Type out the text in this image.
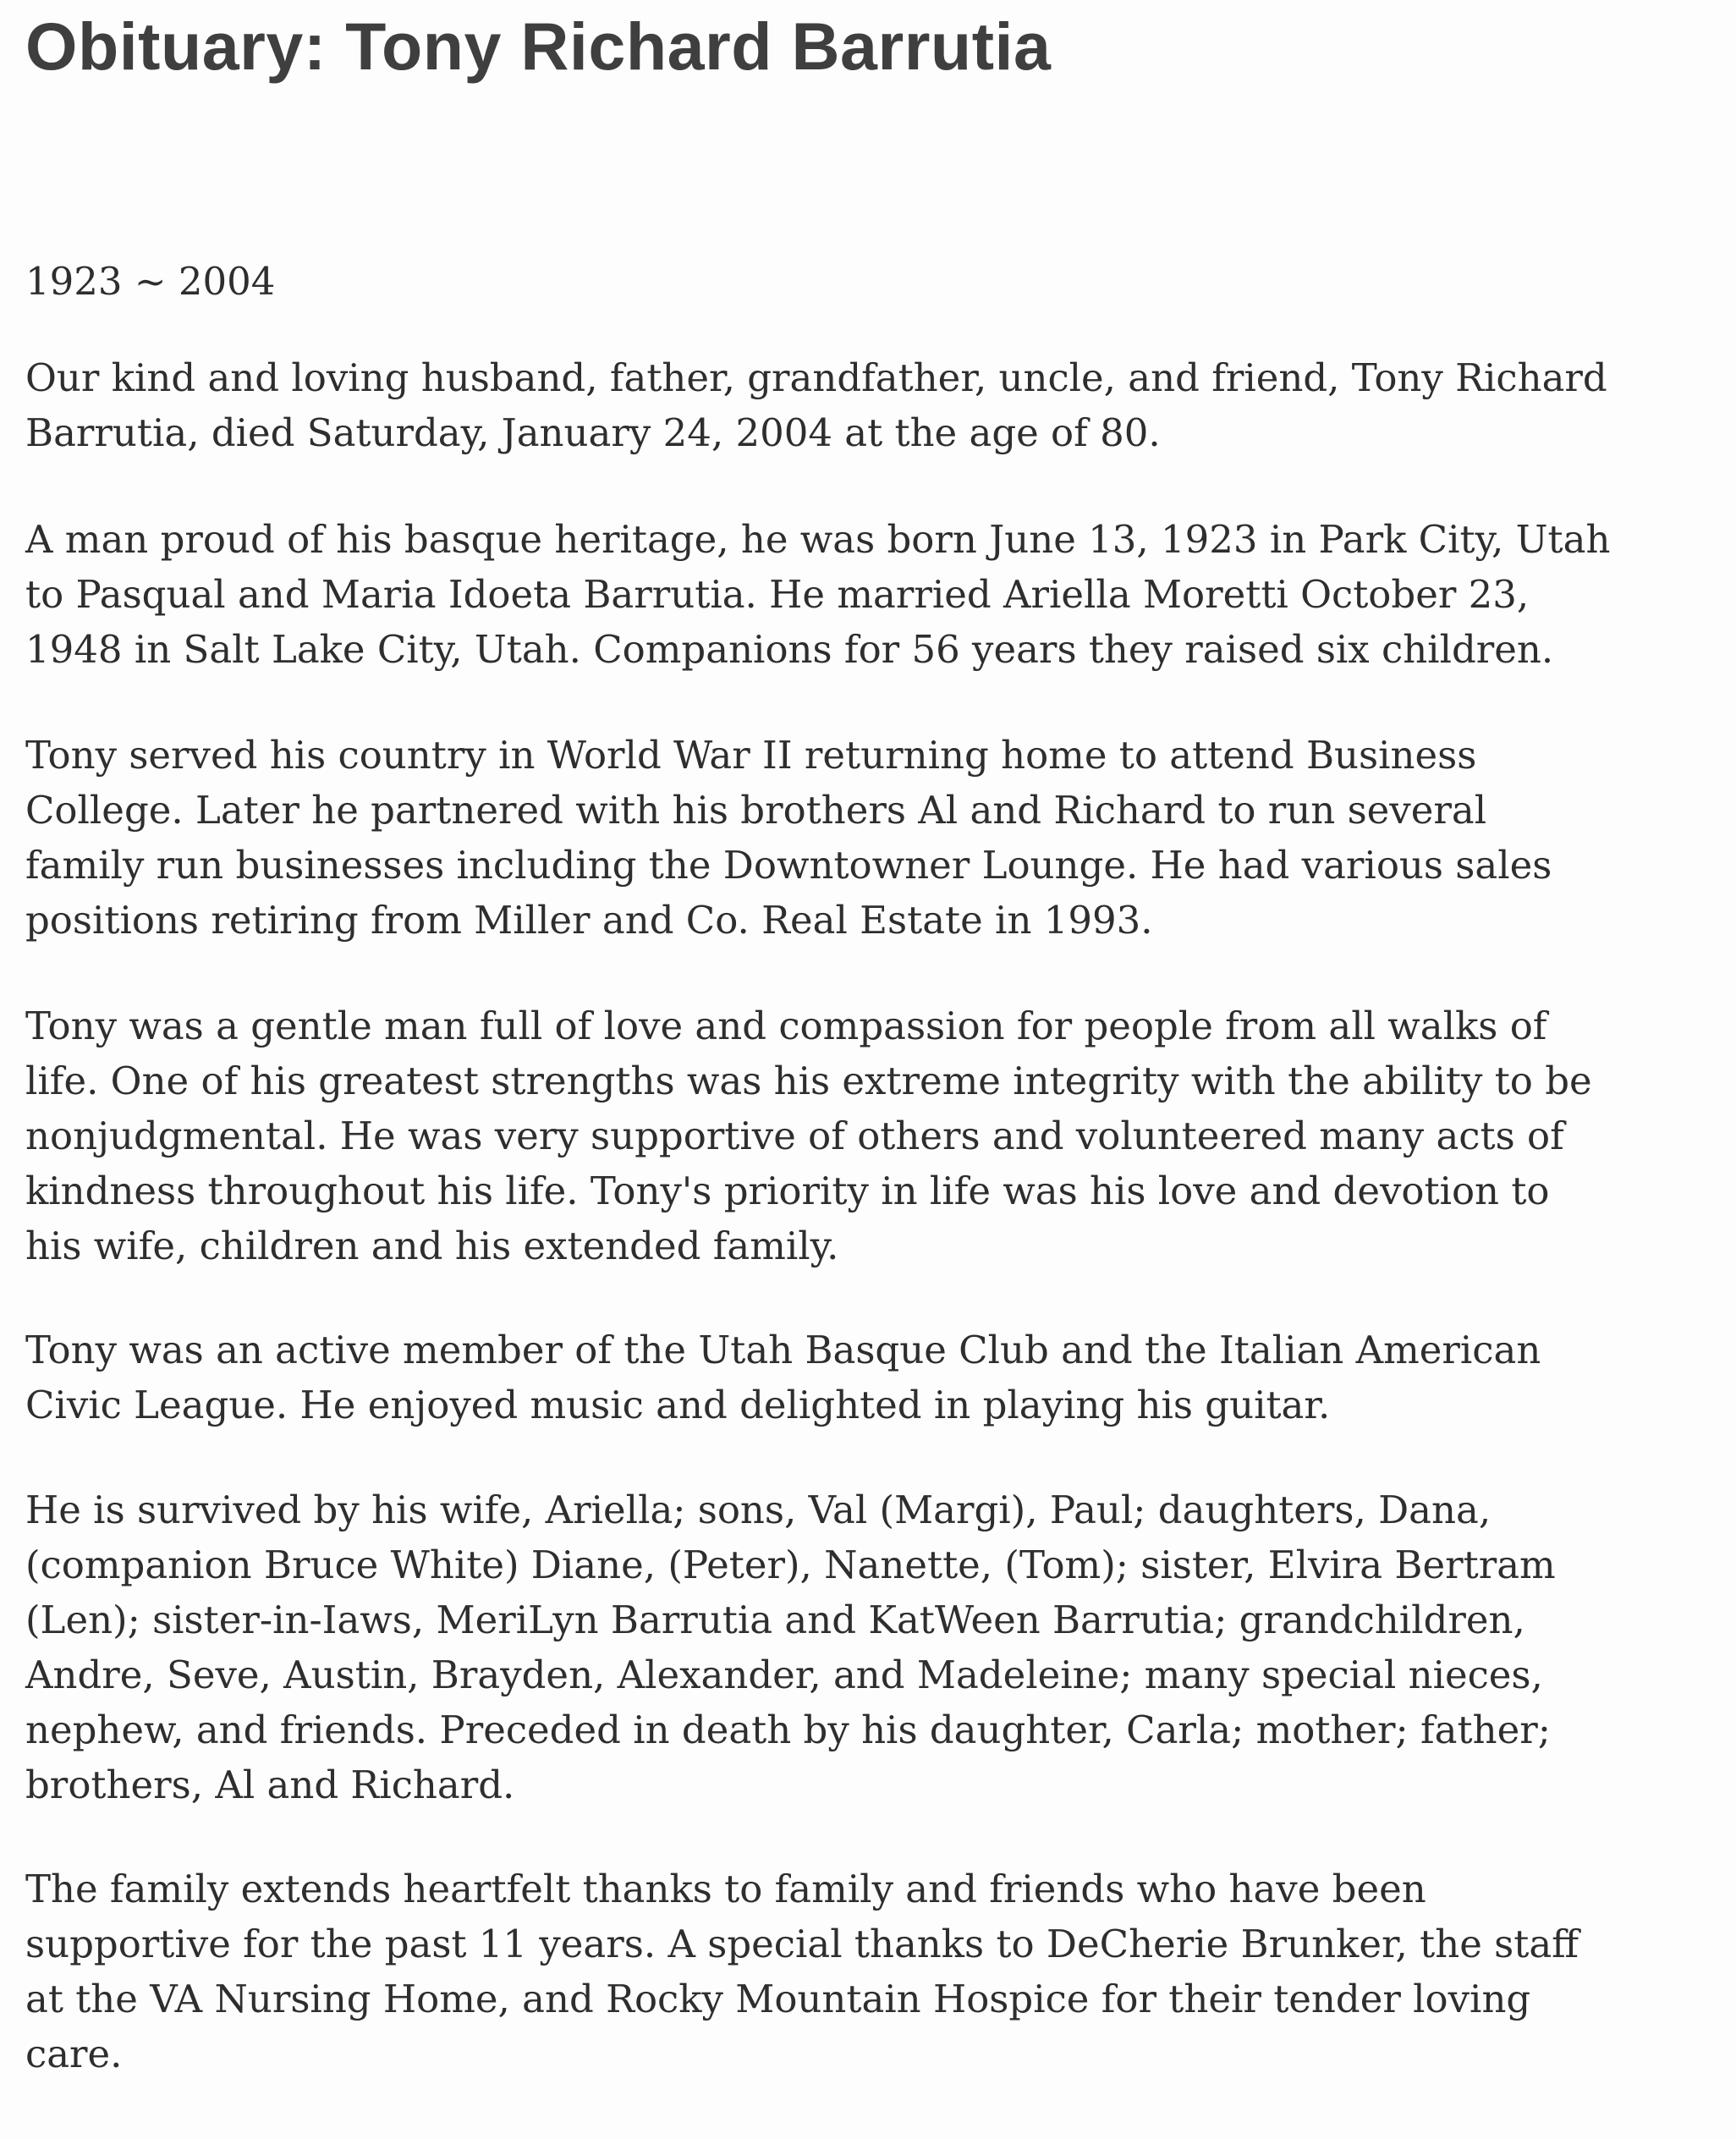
Obituary: Tony Richard Barrutia
1923 ~ 2004
Our kind and loving husband, father, grandfather, uncle, and friend, Tony Richard
Barrutia, died Saturday, January 24, 2004 at the age of 80.
A man proud of his basque heritage, he was born June 13, 1923 in Park City, Utah
to Pasqual and Maria Idoeta Barrutia. He married Ariella Moretti October 23,
1948 in Salt Lake City, Utah. Companions for 56 years they raised six children.
Tony served his country in World War II returning home to attend Business
College. Later he partnered with his brothers Al and Richard to run several
family run businesses including the Downtowner Lounge. He had various sales
positions retiring from Miller and Co. Real Estate in 1993.
Tony was a gentle man full of love and compassion for people from all walks of
life. One of his greatest strengths was his extreme integrity with the ability to be
nonjudgmental. He was very supportive of others and volunteered many acts of
kindness throughout his life. Tony's priority in life was his love and devotion to
his wife, children and his extended family.
Tony was an active member of the Utah Basque Club and the Italian American
Civic League. He enjoyed music and delighted in playing his guitar.
He is survived by his wife, Ariella; sons, Val (Margi), Paul; daughters, Dana,
(companion Bruce White) Diane, (Peter), Nanette, (Tom); sister, Elvira Bertram
(Len); sister-in-Iaws, MeriLyn Barrutia and KatWeen Barrutia; grandchildren,
Andre, Seve, Austin, Brayden, Alexander, and Madeleine; many special nieces,
nephew, and friends. Preceded in death by his daughter, Carla; mother; father;
brothers, Al and Richard.
The family extends heartfelt thanks to family and friends who have been
supportive for the past 11 years. A special thanks to DeCherie Brunker, the staff
at the VA Nursing Home, and Rocky Mountain Hospice for their tender loving
care.
